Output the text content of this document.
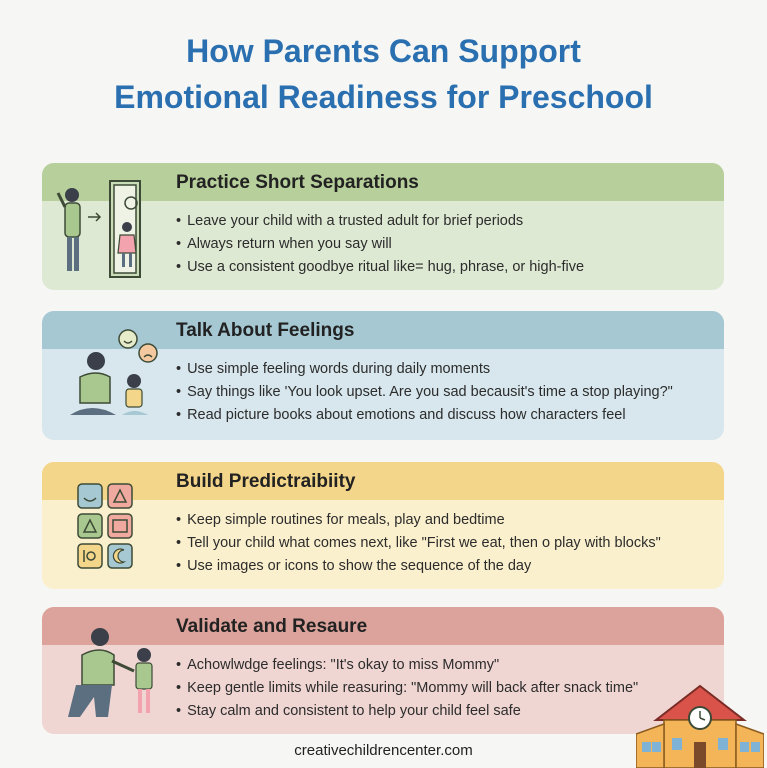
How Parents Can Support
Emotional Readiness for Preschool
Practice Short Separations
• Leave your child with a trusted adult for brief periods
• Always return when you say will
• Use a consistent goodbye ritual like= hug, phrase, or high-five
Talk About Feelings
• Use simple feeling words during daily moments
• Say things like 'You look upset. Are you sad becausit's time a stop playing?"
• Read picture books about emotions and discuss how characters feel
Build Predictraibiity
• Keep simple routines for meals, play and bedtime
• Tell your child what comes next, like "First we eat, then o play with blocks"
• Use images or icons to show the sequence of the day
Validate and Resaure
• Achowlwdge feelings: "It's okay to miss Mommy"
• Keep gentle limits while reasuring: "Mommy will back after snack time"
• Stay calm and consistent to help your child feel safe
creativechildrencenter.com
